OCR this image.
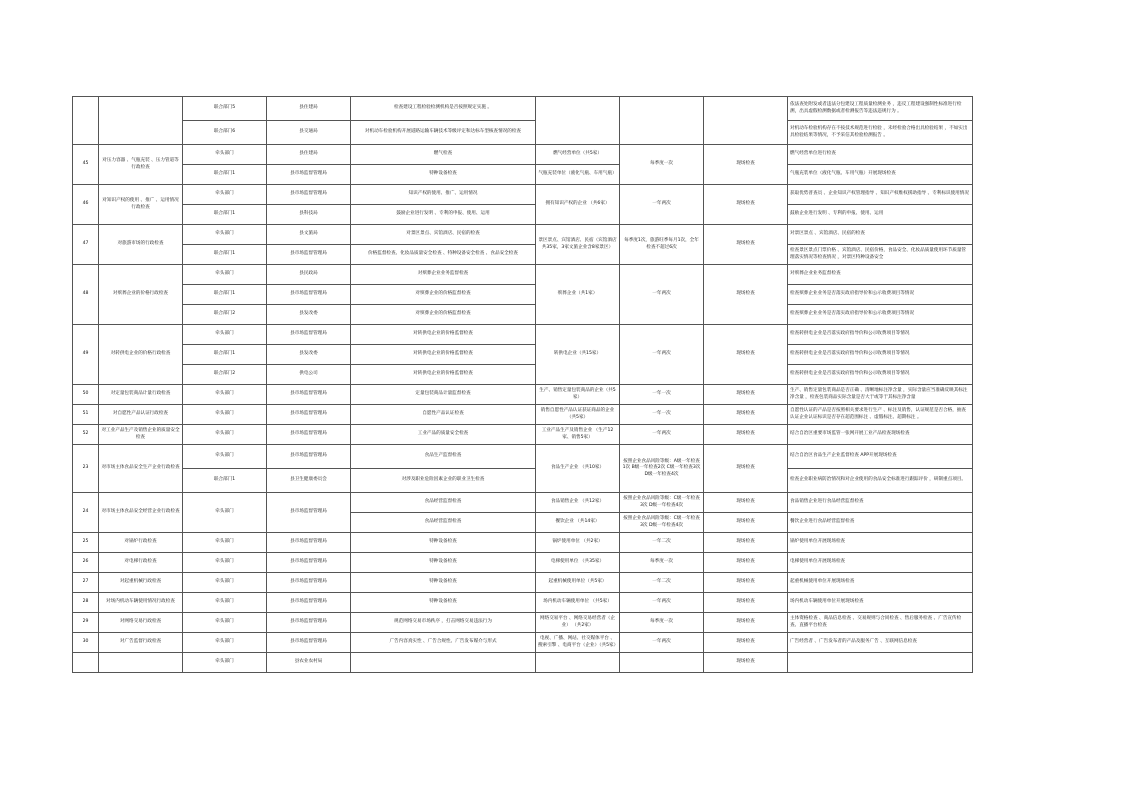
		联合部门5	县住建局	检查建设工程检验检测机构是否按照规定实施 。				依法查处附发或者违法分包建设工程质量检测业务 ，违反工程建设强制性标准进行检测，出具虚假检测数据或者检测报告等违法违规行为 。
		联合部门6	县交通局	对机动车检验机构开展道路运输车辆技术等级评定和达标车型核查情况的检查				对机动车检验机构存在不按技术规范进行检验 ，未经检验合格出具检验结果 ，不如实出具检验结果等情况，不予采信其检验检测报告 。
45	对压力容器 、气瓶充装 、压力管道等行政检查	牵头部门	县住建局	燃气检查	燃气经营单位（共5家）	每季度一次	现场检查	燃气经营单位进行检查
		联合部门1	县市场监督管理局	特种设备检查	气瓶充装单位（液化气瓶、车用气瓶）			气瓶充装单位（液化气瓶、车用气瓶）开展现场检查
46	对知识产权的使用 、推广 、运用情况行政检查	牵头部门	县市场监督管理局	知识产权的使用、推广、运用情况	拥有知识产权的企业 （共6家）	一年两次	现场检查	获取优势普查员 、企业知识产权管理指导 、知识产权维权援助指导 、专利标识使用情况
		联合部门1	县科技局	鼓励企业进行发明 、专利的申报、使用、运用				鼓励企业进行发明 、专利的申报、使用、运用
47	对旅游市场的行政检查	牵头部门	县文旅局	对景区景点、宾馆酒店、民宿的检查	景区景点、宾馆酒店、民宿（宾馆酒店共35家，3家文旅企业含8家景区）	每季度1次，旅游旺季每月1次，全年检查不超过6次	现场检查	对景区景点 、宾馆酒店、民宿的检查
		联合部门1	县市场监督管理局	价格监督检查、化妆品质量安全检查 、特种设备安全检查 、食品安全检查				检查景区景点门票价格 、宾馆酒店、民宿价格，食品安全、化妆品质量使用环节质量管理落实情况等检查情况 ，对景区特种设备安全
48	对殡葬企业的价格行政检查	牵头部门	县民政局	对殡葬企业业务监督检查	殡葬企业（共1家）	一年两次	现场检查	对殡葬企业业务监督检查
		联合部门1	县市场监督管理局	对殡葬企业的价格监督检查				检查殡葬企业业务是否落实政府指导价和公示收费项目等情况
		联合部门2	县发改委	对殡葬企业的价格监督检查				检查殡葬企业业务是否落实政府指导价和公示收费项目等情况
49	对转供电企业的价格行政检查	牵头部门	县市场监督管理局	对转供电企业的价格监督检查	转供电企业（共15家）	一年两次	现场检查	检查转供电企业是否落实政府指导价和公示收费项目等情况
		联合部门1	县发改委	对转供电企业的价格监督检查				检查转供电企业是否落实政府指导价和公示收费项目等情况
		联合部门2	供电公司	对转供电企业的价格监督检查				检查转供电企业是否落实政府指导价和公示收费项目等情况
50	对定量包装商品计量行政检查	牵头部门	县市场监督管理局	定量包装商品计量监督检查	生产、销售定量包装商品的企业（共5家）	一年一次	现场检查	生产、销售定量包装商品是否正确 、清晰地标注净含量 ，实际含量应当准确反映其标注净含量 ，检查包装商品实际含量是否大于或等于其标注净含量
51	对自愿性产品认证行政检查	牵头部门	县市场监督管理局	自愿性产品认证检查	销售自愿性产品认证获证商品的企业（共5家）	一年一次	现场检查	自愿性认证的产品是否按照相关要求进行生产 、标注及销售，认证规范是否合格，抽查认证企业认证标识是否存在超范围标注 、虚假标注、超期标注 。
52	对工业产品生产及销售企业的质量安全检查	牵头部门	县市场监督管理局	工业产品的质量安全检查	工业产品生产及销售企业 （生产12家、销售5家）	一年两次	现场检查	结合自治区重要市场监管一张网开展工业产品检查现场检查
23	对市场主体食品安全生产企业行政检查	牵头部门	县市场监督管理局	食品生产监督检查	食品生产企业 （共10家）	按照企业食品风险等级：A级一年检查1次 B级一年检查2次 C级一年检查3次 D级一年检查4次	现场检查	结合自治区食品生产企业监督检查 APP开展现场检查
		联合部门1	县卫生健康委员会	对涉及职业危险因素企业的职业卫生检查				检查企业职业病防治情况和对企业使用的食品安全标准进行跟踪评价 ，研制重点项目。
24	对市场主体食品安全经营企业行政检查	牵头部门	县市场监督管理局	食品经营监督检查	食品销售企业 （共12家）	按照企业食品风险等级：C级一年检查3次 D级一年检查4次	现场检查	食品销售企业进行食品经营监督检查
				食品经营监督检查	餐饮企业 （共14家）	按照企业食品风险等级：C级一年检查3次 D级一年检查4次	现场检查	餐饮企业进行食品经营监督检查
25	对锅炉行政检查	牵头部门	县市场监督管理局	特种设备检查	锅炉使用单位 （共2家）	一年二次	现场检查	锅炉使用单位开展现场检查
26	对电梯行政检查	牵头部门	县市场监督管理局	特种设备检查	电梯使用单位 （共35家）	每季度一次	现场检查	电梯使用单位开展现场检查
27	对起重机械行政检查	牵头部门	县市场监督管理局	特种设备检查	起重机械使用单位（共5家）	一年二次	现场检查	起重机械使用单位开展现场检查
28	对场内机动车辆使用情况行政检查	牵头部门	县市场监督管理局	特种设备检查	场内机动车辆使用单位 （共5家）	一年两次	现场检查	场内机动车辆使用单位开展现场检查
29	对网络交易行政检查	牵头部门	县市场监督管理局	规范网络交易市场秩序 ，打击网络交易违法行为	网络交易平台 、网络交易经营者（企业） （共2家）	每季度一次	现场检查	主体资格检查 、商品信息检查 、交易规则与合同检查 、售后服务检查 、广告宣传检查、直播平台检查
30	对广告监督行政检查	牵头部门	县市场监督管理局	广告内容真实性 、广告合规性、广告发布媒介与形式	电视、广播、网站、社交媒体平台 、搜索引擎 、电商平台（企业）（共5家）	一年两次	现场检查	广告经营者 、广告发布者的产品及服务广告 、互联网信息检查
		牵头部门	县农业农村局				现场检查	
